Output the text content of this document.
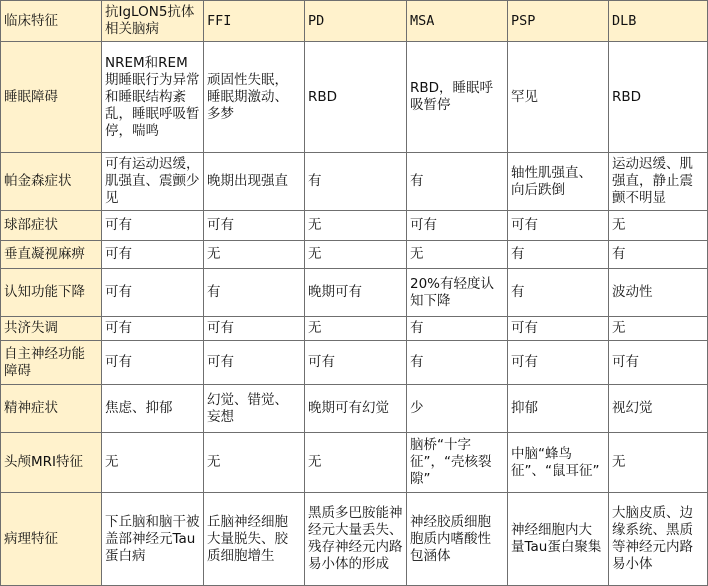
临床特征	抗IgLON5抗体相关脑病	FFI	PD	MSA	PSP	DLB

睡眠障碍	NREM和REM期睡眠行为异常和睡眠结构紊乱，睡眠呼吸暂停，喘鸣	顽固性失眠，睡眠期激动、多梦	RBD	RBD，睡眠呼吸暂停	罕见	RBD

帕金森症状	可有运动迟缓，肌强直、震颤少见	晚期出现强直	有	有	轴性肌强直、向后跌倒	运动迟缓、肌强直，静止震颤不明显

球部症状	可有	可有	无	可有	可有	无

垂直凝视麻痹	可有	无	无	无	有	有

认知功能下降	可有	有	晚期可有	20%有轻度认知下降	有	波动性

共济失调	可有	可有	无	有	可有	无

自主神经功能障碍	可有	可有	可有	有	可有	可有

精神症状	焦虑、抑郁	幻觉、错觉、妄想	晚期可有幻觉	少	抑郁	视幻觉

头颅MRI特征	无	无	无	脑桥“十字征”，“壳核裂隙”	中脑“蜂鸟征”、“鼠耳征”	无

病理特征	下丘脑和脑干被盖部神经元Tau蛋白病	丘脑神经细胞大量脱失、胶质细胞增生	黑质多巴胺能神经元大量丢失、残存神经元内路易小体的形成	神经胶质细胞胞质内嗜酸性包涵体	神经细胞内大量Tau蛋白聚集	大脑皮质、边缘系统、黑质等神经元内路易小体
